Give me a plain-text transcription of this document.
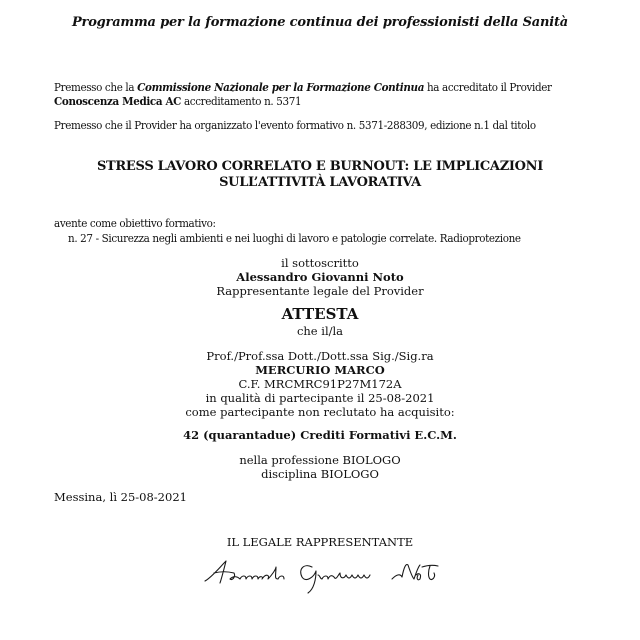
Programma per la formazione continua dei professionisti della Sanità
Premesso che la Commissione Nazionale per la Formazione Continua ha accreditato il Provider
Conoscenza Medica AC accreditamento n. 5371
Premesso che il Provider ha organizzato l'evento formativo n. 5371-288309, edizione n.1 dal titolo
STRESS LAVORO CORRELATO E BURNOUT: LE IMPLICAZIONI
SULL’ATTIVITÀ LAVORATIVA
avente come obiettivo formativo:
n. 27 - Sicurezza negli ambienti e nei luoghi di lavoro e patologie correlate. Radioprotezione
il sottoscritto
Alessandro Giovanni Noto
Rappresentante legale del Provider
ATTESTA
che il/la
Prof./Prof.ssa Dott./Dott.ssa Sig./Sig.ra
MERCURIO MARCO
C.F. MRCMRC91P27M172A
in qualità di partecipante il 25-08-2021
come partecipante non reclutato ha acquisito:
42 (quarantadue) Crediti Formativi E.C.M.
nella professione BIOLOGO
disciplina BIOLOGO
Messina, lì 25-08-2021
IL LEGALE RAPPRESENTANTE
